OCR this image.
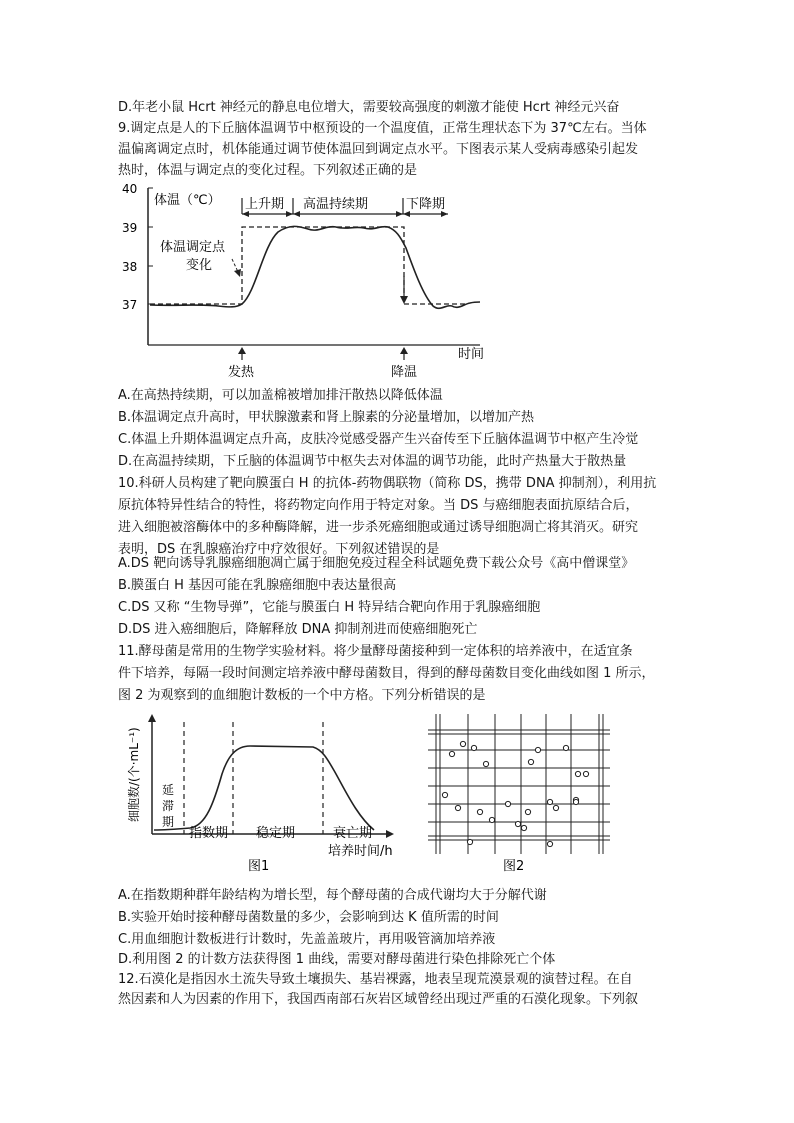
D.年老小鼠 Hcrt 神经元的静息电位增大，需要较高强度的刺激才能使 Hcrt 神经元兴奋
9.调定点是人的下丘脑体温调节中枢预设的一个温度值，正常生理状态下为 37℃左右。当体
温偏离调定点时，机体能通过调节使体温回到调定点水平。下图表示某人受病毒感染引起发
热时，体温与调定点的变化过程。下列叙述正确的是
40
39
38
37
体温（℃） 上升期 高温持续期	下降期
体温调定点
变化
发热	降温
时间
A.在高热持续期，可以加盖棉被增加排汗散热以降低体温
B.体温调定点升高时，甲状腺激素和肾上腺素的分泌量增加，以增加产热
C.体温上升期体温调定点升高，皮肤冷觉感受器产生兴奋传至下丘脑体温调节中枢产生冷觉
D.在高温持续期，下丘脑的体温调节中枢失去对体温的调节功能，此时产热量大于散热量
10.科研人员构建了靶向膜蛋白 H 的抗体-药物偶联物（简称 DS，携带 DNA 抑制剂），利用抗
原抗体特异性结合的特性，将药物定向作用于特定对象。当 DS 与癌细胞表面抗原结合后，
进入细胞被溶酶体中的多种酶降解，进一步杀死癌细胞或通过诱导细胞凋亡将其消灭。研究
表明，DS 在乳腺癌治疗中疗效很好。下列叙述错误的是
A.DS 靶向诱导乳腺癌细胞凋亡属于细胞免疫过程全科试题免费下载公众号《高中僧课堂》
B.膜蛋白 H 基因可能在乳腺癌细胞中表达量很高
C.DS 又称 “生物导弹”，它能与膜蛋白 H 特异结合靶向作用于乳腺癌细胞
D.DS 进入癌细胞后，降解释放 DNA 抑制剂进而使癌细胞死亡
11.酵母菌是常用的生物学实验材料。将少量酵母菌接种到一定体积的培养液中，在适宜条
件下培养，每隔一段时间测定培养液中酵母菌数目，得到的酵母菌数目变化曲线如图 1 所示，
图 2 为观察到的血细胞计数板的一个中方格。下列分析错误的是
细胞数/(个·mL⁻¹) 延
滞
期
指数期 稳定期	衰亡期
培养时间/h
图1	图2
A.在指数期种群年龄结构为增长型，每个酵母菌的合成代谢均大于分解代谢
B.实验开始时接种酵母菌数量的多少，会影响到达 K 值所需的时间
C.用血细胞计数板进行计数时，先盖盖玻片，再用吸管滴加培养液
D.利用图 2 的计数方法获得图 1 曲线，需要对酵母菌进行染色排除死亡个体
12.石漠化是指因水土流失导致土壤损失、基岩裸露，地表呈现荒漠景观的演替过程。在自
然因素和人为因素的作用下，我国西南部石灰岩区域曾经出现过严重的石漠化现象。下列叙
